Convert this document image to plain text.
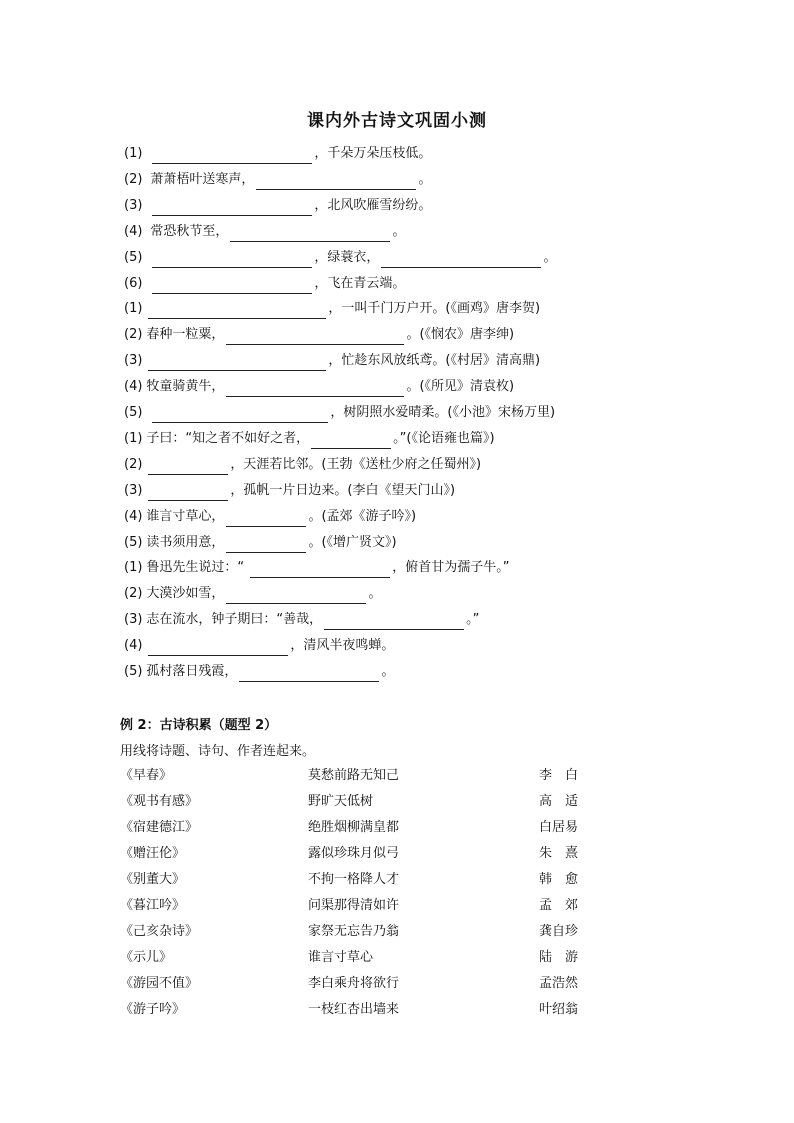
课内外古诗文巩固小测
(1)	，千朵万朵压枝低。
(2) 萧萧梧叶送寒声，	。
(3)	，北风吹雁雪纷纷。
(4) 常恐秋节至，	。
(5)	，绿蓑衣，	。
(6)	，飞在青云端。
(1)	，一叫千门万户开。(《画鸡》唐李贺)
(2) 春种一粒粟，	。(《悯农》唐李绅)
(3)	，忙趁东风放纸鸢。(《村居》清高鼎)
(4) 牧童骑黄牛，	。(《所见》清袁枚)
(5)	，树阴照水爱晴柔。(《小池》宋杨万里)
(1) 子曰：“知之者不如好之者，	。”(《论语雍也篇》)
(2)	，天涯若比邻。(王勃《送杜少府之任蜀州》)
(3)	，孤帆一片日边来。(李白《望天门山》)
(4) 谁言寸草心，	。(孟郊《游子吟》)
(5) 读书须用意，	。(《增广贤文》)
(1) 鲁迅先生说过：“	，俯首甘为孺子牛。”
(2) 大漠沙如雪，	。
(3) 志在流水，钟子期曰：“善哉，	。”
(4)	，清风半夜鸣蝉。
(5) 孤村落日残霞，	。
例 2：古诗积累（题型 2）
用线将诗题、诗句、作者连起来。
《早春》	莫愁前路无知己	李　白
《观书有感》	野旷天低树	高　适
《宿建德江》	绝胜烟柳满皇都	白居易
《赠汪伦》	露似珍珠月似弓	朱　熹
《别董大》	不拘一格降人才	韩　愈
《暮江吟》	问渠那得清如许	孟　郊
《己亥杂诗》	家祭无忘告乃翁	龚自珍
《示儿》	谁言寸草心	陆　游
《游园不值》	李白乘舟将欲行	孟浩然
《游子吟》	一枝红杏出墙来	叶绍翁
